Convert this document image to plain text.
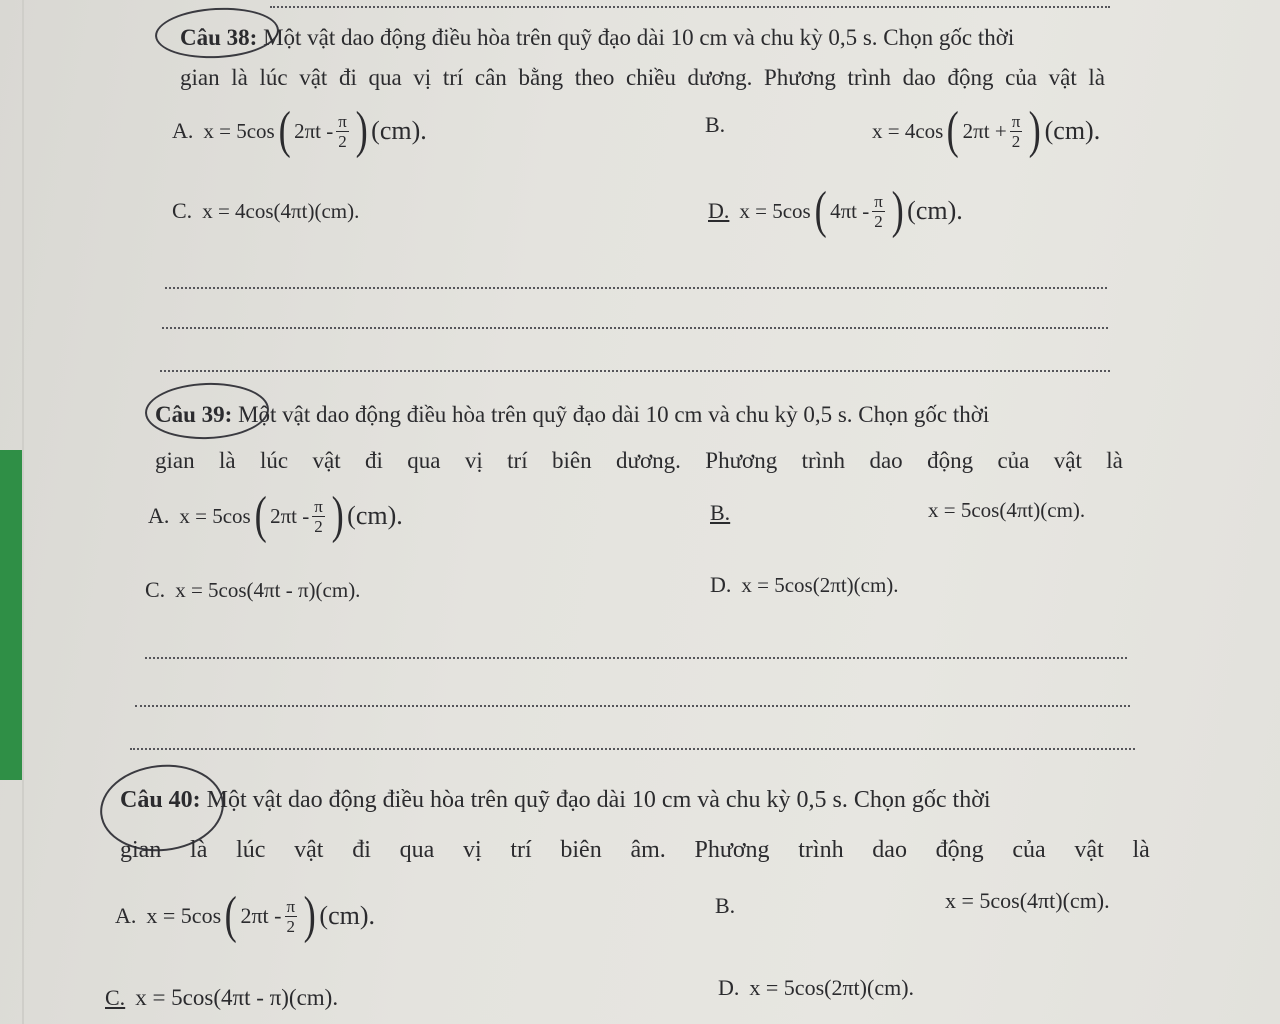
Câu 38: Một vật dao động điều hòa trên quỹ đạo dài 10 cm và chu kỳ 0,5 s. Chọn gốc thời
gian là lúc vật đi qua vị trí cân bằng theo chiều dương. Phương trình dao động của vật là
A. x = 5cos ( $2\pi t - \frac{\pi}{2}$ ) (cm).	B.	x = 4cos ( $2\pi t + \frac{\pi}{2}$ ) (cm).
C. x = 4cos(4πt)(cm).	D. x = 5cos ( $4\pi t - \frac{\pi}{2}$ ) (cm).
Câu 39: Một vật dao động điều hòa trên quỹ đạo dài 10 cm và chu kỳ 0,5 s. Chọn gốc thời
gian là lúc vật đi qua vị trí biên dương. Phương trình dao động của vật là
A. x = 5cos ( $2\pi t - \frac{\pi}{2}$ ) (cm).	B.	x = 5cos(4πt)(cm).
C. x = 5cos(4πt - π)(cm).	D. x = 5cos(2πt)(cm).
Câu 40: Một vật dao động điều hòa trên quỹ đạo dài 10 cm và chu kỳ 0,5 s. Chọn gốc thời
gian là lúc vật đi qua vị trí biên âm. Phương trình dao động của vật là
A. x = 5cos ( $2\pi t - \frac{\pi}{2}$ ) (cm).	B.	x = 5cos(4πt)(cm).
C. x = 5cos(4πt - π)(cm).	D. x = 5cos(2πt)(cm).
